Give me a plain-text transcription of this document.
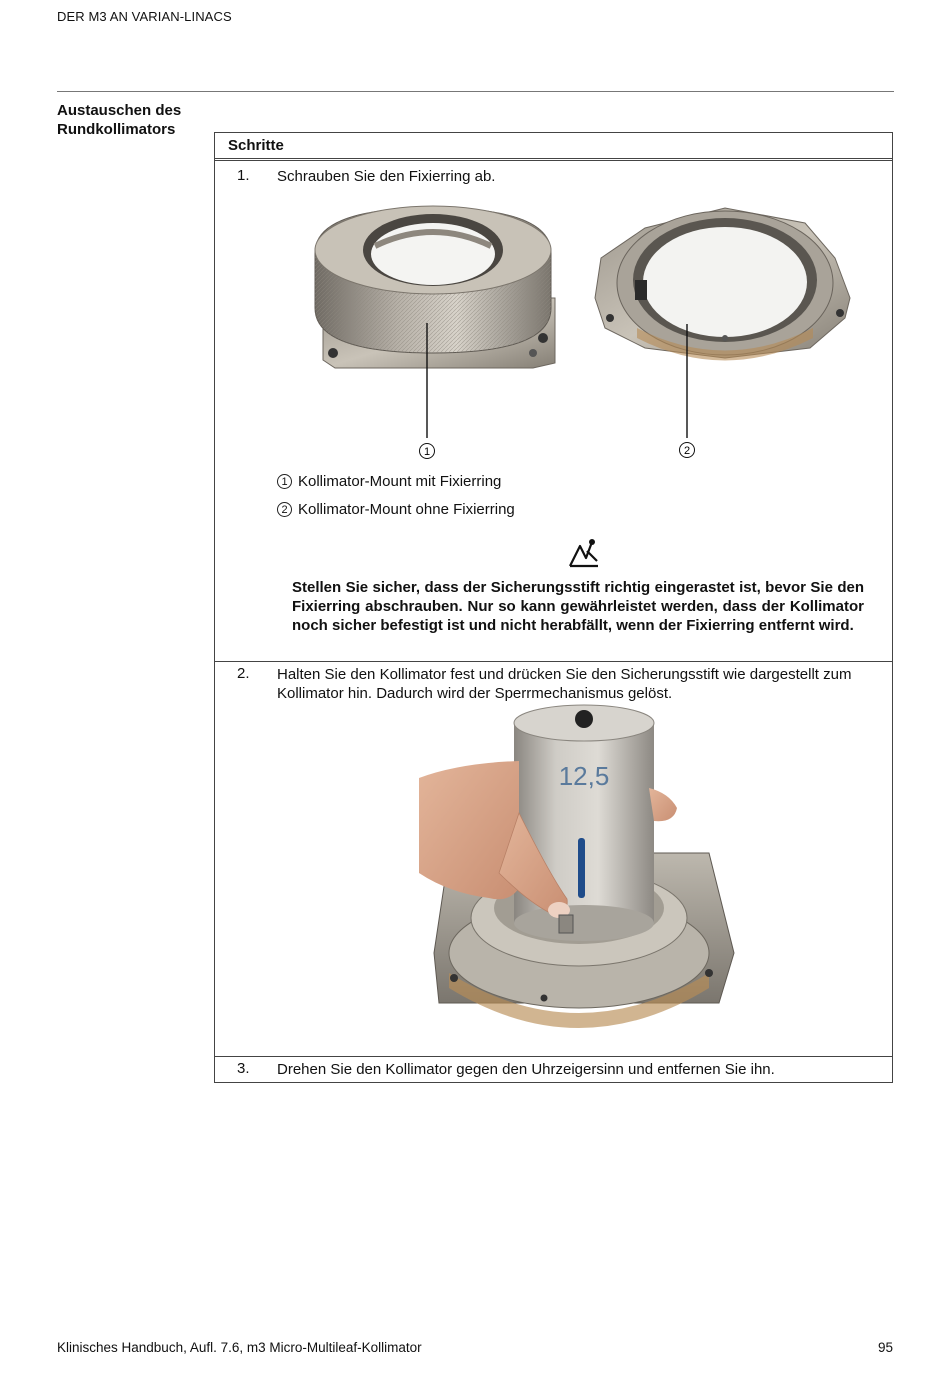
DER M3 AN VARIAN-LINACS
Austauschen des
Rundkollimators
Schritte
1. Schrauben Sie den Fixierring ab.
1	2
1 Kollimator-Mount mit Fixierring
2 Kollimator-Mount ohne Fixierring
Stellen Sie sicher, dass der Sicherungsstift richtig eingerastet ist, bevor Sie den Fixierring abschrauben. Nur so kann gewährleistet werden, dass der Kollimator noch sicher befestigt ist und nicht herabfällt, wenn der Fixierring entfernt wird.
2. Halten Sie den Kollimator fest und drücken Sie den Sicherungsstift wie dargestellt zum Kollimator hin. Dadurch wird der Sperrmechanismus gelöst.
12,5
3. Drehen Sie den Kollimator gegen den Uhrzeigersinn und entfernen Sie ihn.
Klinisches Handbuch, Aufl. 7.6, m3 Micro-Multileaf-Kollimator	95
